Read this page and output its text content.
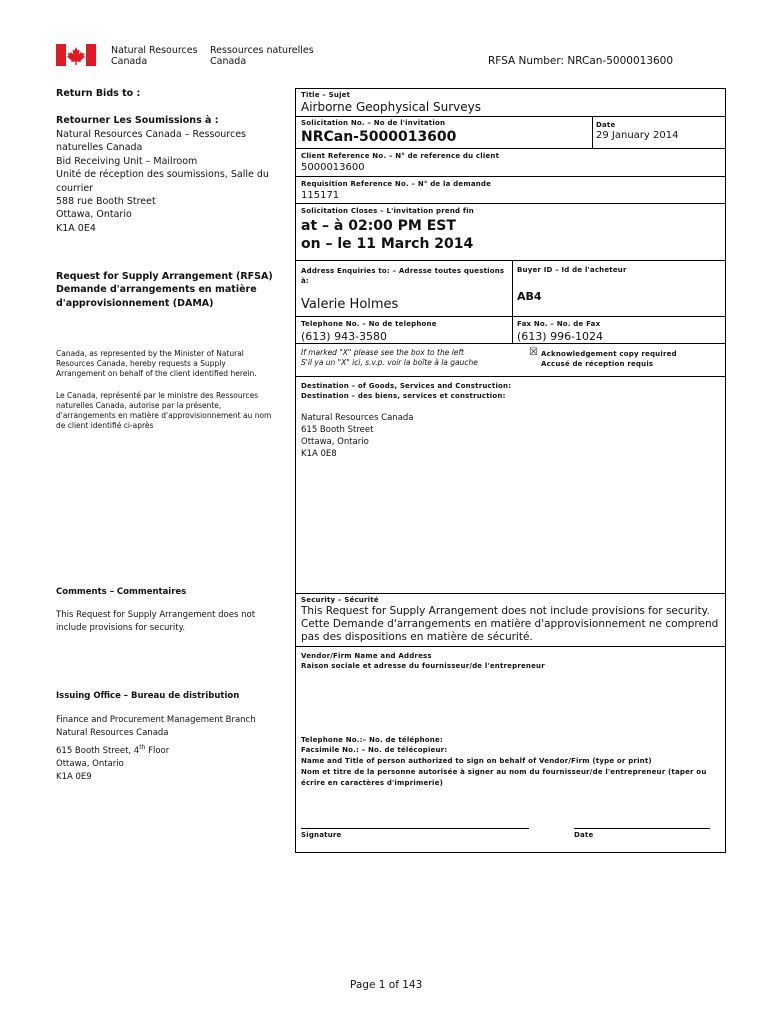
Natural Resources
Canada
Ressources naturelles
Canada	RFSA Number: NRCan-5000013600
Return Bids to :
Retourner Les Soumissions à :
Natural Resources Canada – Ressources
naturelles Canada
Bid Receiving Unit – Mailroom
Unité de réception des soumissions, Salle du
courrier
588 rue Booth Street
Ottawa, Ontario
K1A 0E4
Request for Supply Arrangement (RFSA)
Demande d'arrangements en matière
d'approvisionnement (DAMA)
Canada, as represented by the Minister of Natural
Resources Canada, hereby requests a Supply
Arrangement on behalf of the client identified herein.
Le Canada, représenté par le ministre des Ressources
naturelles Canada, autorise par la présente,
d'arrangements en matière d'approvisionnement au nom
de client identifié ci-après
Comments – Commentaires
This Request for Supply Arrangement does not
include provisions for security.
Issuing Office – Bureau de distribution
Finance and Procurement Management Branch
Natural Resources Canada
615 Booth Street, 4th Floor
Ottawa, Ontario
K1A 0E9
Title – Sujet
Airborne Geophysical Surveys
Solicitation No. – No de l'invitation
NRCan-5000013600
Date
29 January 2014
Client Reference No. – N° de reference du client
5000013600
Requisition Reference No. – N° de la demande
115171
Solicitation Closes – L'invitation prend fin
at – à 02:00 PM EST
on – le 11 March 2014
Address Enquiries to: – Adresse toutes questions
à:
Valerie Holmes
Buyer ID – Id de l'acheteur
AB4
Telephone No. – No de telephone
(613) 943-3580
Fax No. – No. de Fax
(613) 996-1024
If marked "X" please see the box to the left
S'il ya un "X" ici, s.v.p. voir la boîte à la gauche
☒ Acknowledgement copy required
Accusé de réception requis
Destination – of Goods, Services and Construction:
Destination – des biens, services et construction:
Natural Resources Canada
615 Booth Street
Ottawa, Ontario
K1A 0E8
Security – Sécurité
This Request for Supply Arrangement does not include provisions for security.
Cette Demande d'arrangements en matière d'approvisionnement ne comprend
pas des dispositions en matière de sécurité.
Vendor/Firm Name and Address
Raison sociale et adresse du fournisseur/de l'entrepreneur
Telephone No.:– No. de téléphone:
Facsimile No.: – No. de télécopieur:
Name and Title of person authorized to sign on behalf of Vendor/Firm (type or print)
Nom et titre de la personne autorisée à signer au nom du fournisseur/de l'entrepreneur (taper ou
écrire en caractères d'imprimerie)
Signature	Date
Page 1 of 143
